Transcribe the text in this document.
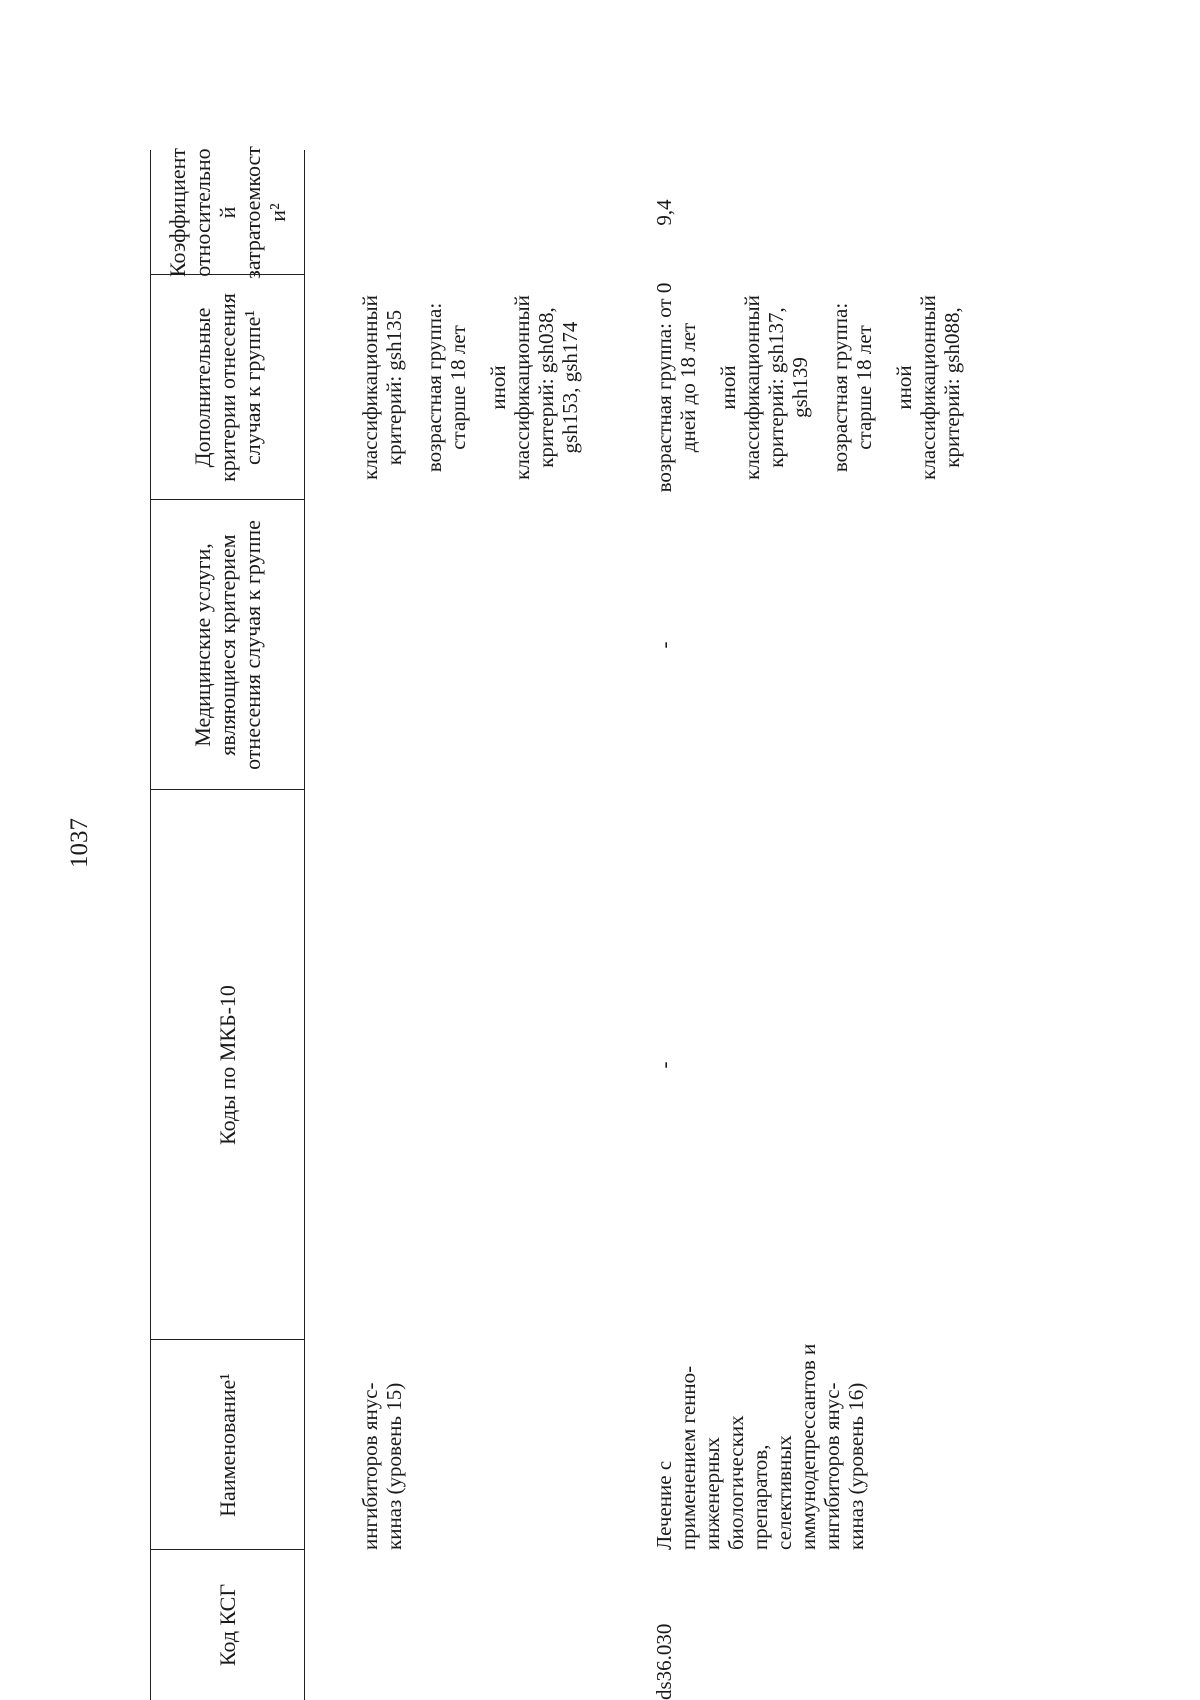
1037
Код КСГ
Наименование¹
Коды по МКБ-10
Медицинские услуги, являющиеся критерием отнесения случая к группе
Дополнительные критерии отнесения случая к группе¹
Коэффициент относительно й затратоемкост и²
ингибиторов янус-киназ (уровень 15)
классификационный критерий: gsh135 возрастная группа: старше 18 лет иной классификационный критерий: gsh038, gsh153, gsh174
ds36.030
Лечение с применением генно-инженерных биологических препаратов, селективных иммунодепрессантов и ингибиторов янус-киназ (уровень 16)
-
-
возрастная группа: от 0 дней до 18 лет иной классификационный критерий: gsh137, gsh139 возрастная группа: старше 18 лет иной классификационный критерий: gsh088,
9,4
